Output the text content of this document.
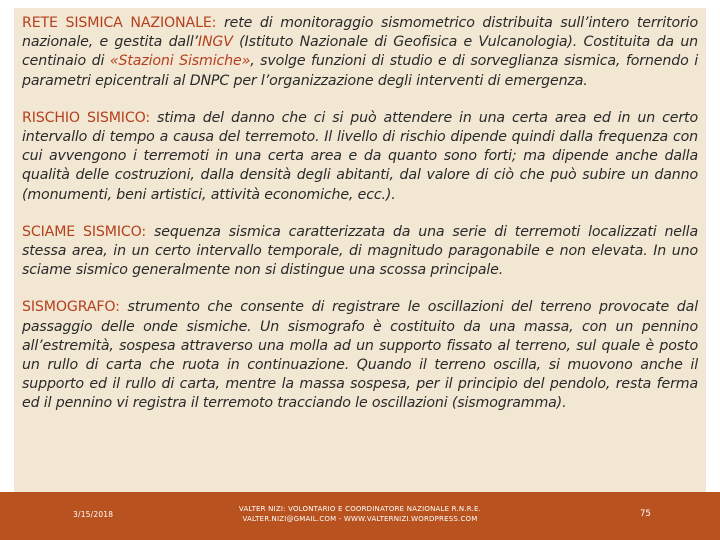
RETE SISMICA NAZIONALE: rete di monitoraggio sismometrico distribuita sull’intero territorio nazionale, e gestita dall’INGV (Istituto Nazionale di Geofisica e Vulcanologia). Costituita da un centinaio di «Stazioni Sismiche», svolge funzioni di studio e di sorveglianza sismica, fornendo i parametri epicentrali al DNPC per l’organizzazione degli interventi di emergenza.

RISCHIO SISMICO: stima del danno che ci si può attendere in una certa area ed in un certo intervallo di tempo a causa del terremoto. Il livello di rischio dipende quindi dalla frequenza con cui avvengono i terremoti in una certa area e da quanto sono forti; ma dipende anche dalla qualità delle costruzioni, dalla densità degli abitanti, dal valore di ciò che può subire un danno (monumenti, beni artistici, attività economiche, ecc.).

SCIAME SISMICO: sequenza sismica caratterizzata da una serie di terremoti localizzati nella stessa area, in un certo intervallo temporale, di magnitudo paragonabile e non elevata. In uno sciame sismico generalmente non si distingue una scossa principale.

SISMOGRAFO: strumento che consente di registrare le oscillazioni del terreno provocate dal passaggio delle onde sismiche. Un sismografo è costituito da una massa, con un pennino all’estremità, sospesa attraverso una molla ad un supporto fissato al terreno, sul quale è posto un rullo di carta che ruota in continuazione. Quando il terreno oscilla, si muovono anche il supporto ed il rullo di carta, mentre la massa sospesa, per il principio del pendolo, resta ferma ed il pennino vi registra il terremoto tracciando le oscillazioni (sismogramma).

3/15/2018
VALTER NIZI: VOLONTARIO E COORDINATORE NAZIONALE R.N.R.E.
VALTER.NIZI@GMAIL.COM - WWW.VALTERNIZI.WORDPRESS.COM	75
